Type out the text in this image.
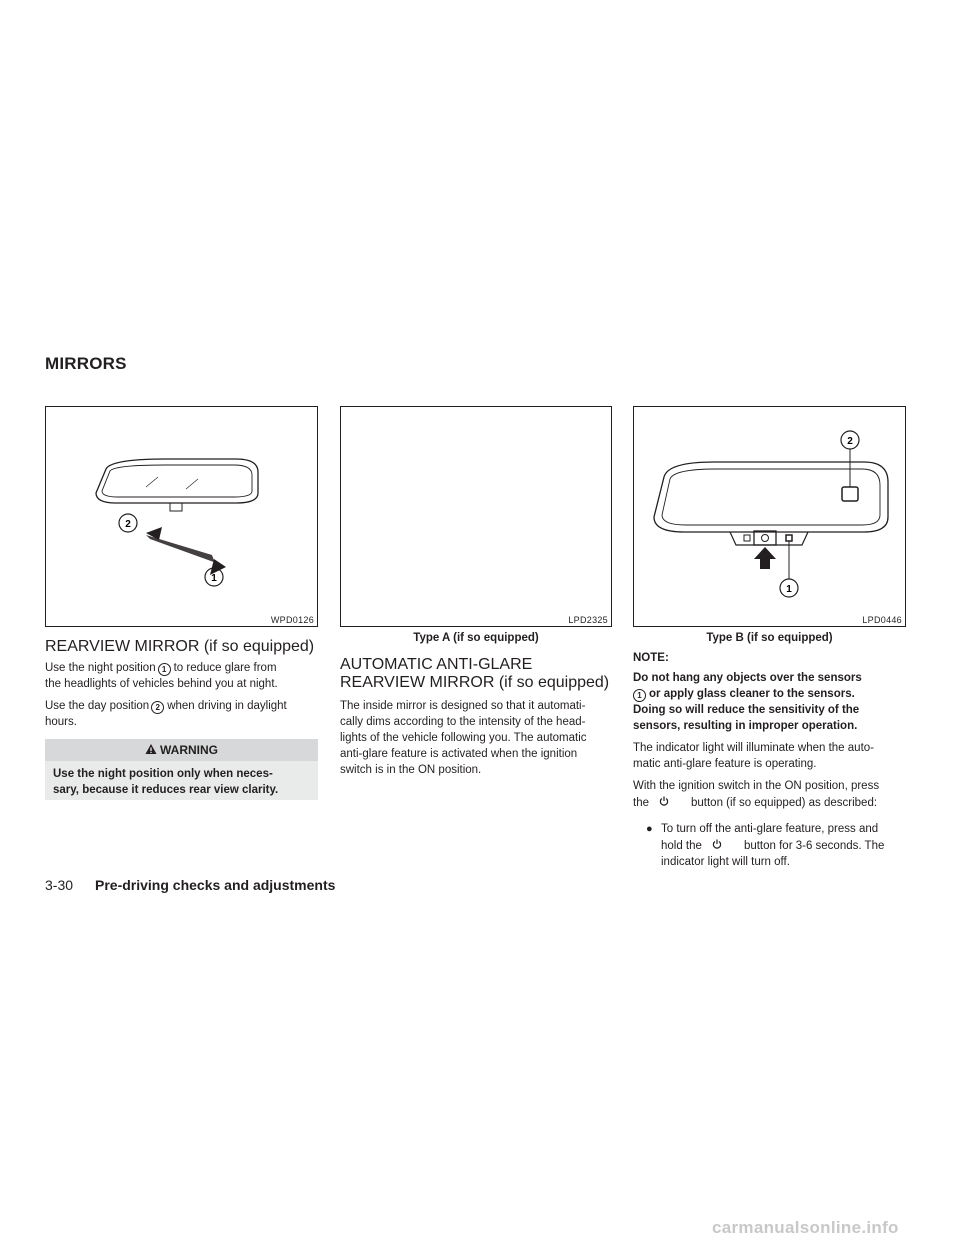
MIRRORS
2
1
WPD0126	LPD2325
Type A (if so equipped)
2
1
LPD0446
Type B (if so equipped)
REARVIEW MIRROR (if so equipped)

Use the night position 1 to reduce glare from

the headlights of vehicles behind you at night.

Use the day position 2 when driving in daylight

hours.

WARNING
Use the night position only when neces-
sary, because it reduces rear view clarity.
AUTOMATIC ANTI-GLARE
REARVIEW MIRROR (if so equipped)

The inside mirror is designed so that it automati-

cally dims according to the intensity of the head-

lights of the vehicle following you. The automatic

anti-glare feature is activated when the ignition

switch is in the ON position.

NOTE:

Do not hang any objects over the sensors

1 or apply glass cleaner to the sensors.

Doing so will reduce the sensitivity of the

sensors, resulting in improper operation.

The indicator light will illuminate when the auto-

matic anti-glare feature is operating.

With the ignition switch in the ON position, press

the	button (if so equipped) as described:

● To turn off the anti-glare feature, press and

hold the	button for 3-6 seconds. The

indicator light will turn off.

3-30 Pre-driving checks and adjustments
carmanualsonline.info
